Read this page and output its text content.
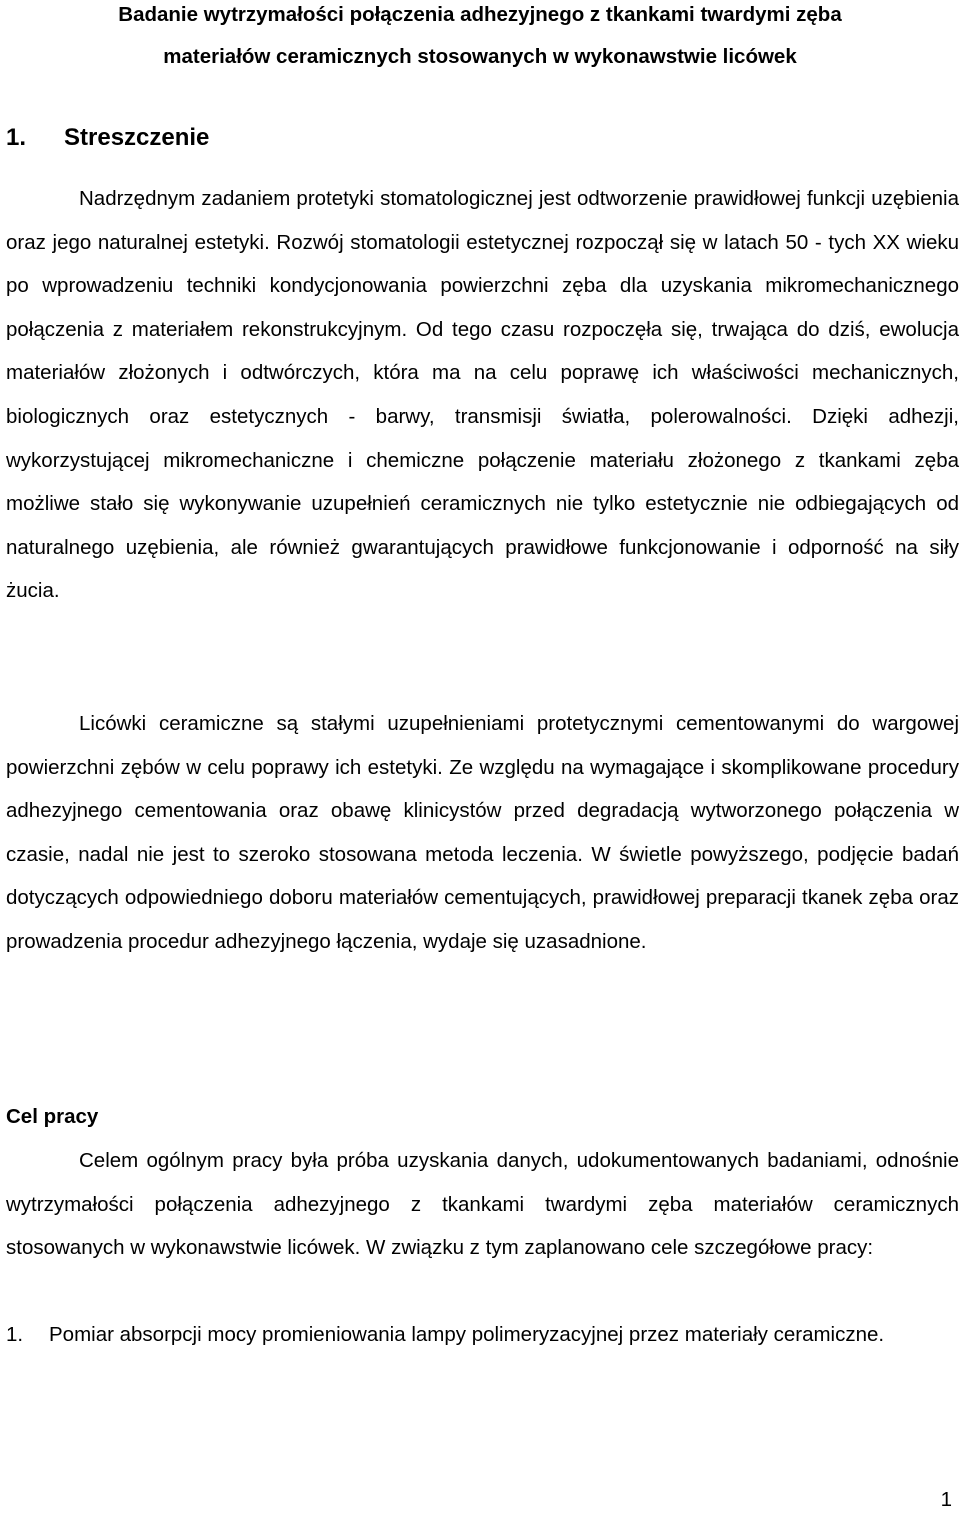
Badanie wytrzymałości połączenia adhezyjnego z tkankami twardymi zęba
materiałów ceramicznych stosowanych w wykonawstwie licówek
1. Streszczenie

Nadrzędnym zadaniem protetyki stomatologicznej jest odtworzenie prawidłowej funkcji uzębienia oraz jego naturalnej estetyki. Rozwój stomatologii estetycznej rozpoczął się w latach 50 - tych XX wieku po wprowadzeniu techniki kondycjonowania powierzchni zęba dla uzyskania mikromechanicznego połączenia z materiałem rekonstrukcyjnym. Od tego czasu rozpoczęła się, trwająca do dziś, ewolucja materiałów złożonych i odtwórczych, która ma na celu poprawę ich właściwości mechanicznych, biologicznych oraz estetycznych - barwy, transmisji światła, polerowalności. Dzięki adhezji, wykorzystującej mikromechaniczne i chemiczne połączenie materiału złożonego z tkankami zęba możliwe stało się wykonywanie uzupełnień ceramicznych nie tylko estetycznie nie odbiegających od naturalnego uzębienia, ale również gwarantujących prawidłowe funkcjonowanie i odporność na siły żucia.

Licówki ceramiczne są stałymi uzupełnieniami protetycznymi cementowanymi do wargowej powierzchni zębów w celu poprawy ich estetyki. Ze względu na wymagające i skomplikowane procedury adhezyjnego cementowania oraz obawę klinicystów przed degradacją wytworzonego połączenia w czasie, nadal nie jest to szeroko stosowana metoda leczenia. W świetle powyższego, podjęcie badań dotyczących odpowiedniego doboru materiałów cementujących, prawidłowej preparacji tkanek zęba oraz prowadzenia procedur adhezyjnego łączenia, wydaje się uzasadnione.

Cel pracy

Celem ogólnym pracy była próba uzyskania danych, udokumentowanych badaniami, odnośnie wytrzymałości połączenia adhezyjnego z tkankami twardymi zęba materiałów ceramicznych stosowanych w wykonawstwie licówek. W związku z tym zaplanowano cele szczegółowe pracy:

1. Pomiar absorpcji mocy promieniowania lampy polimeryzacyjnej przez materiały ceramiczne.
1
